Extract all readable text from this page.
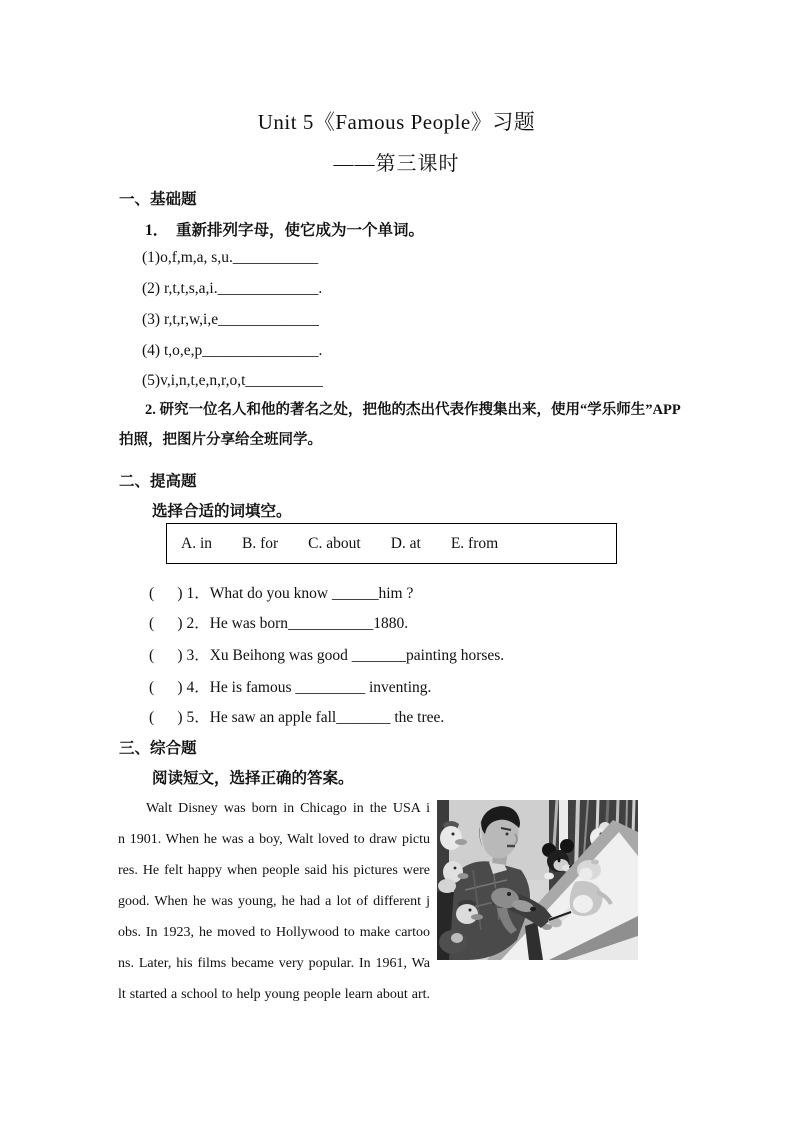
Unit 5《Famous People》习题
——第三课时
一、基础题
1．　重新排列字母，使它成为一个单词。
(1)o,f,m,a, s,u.___________
(2) r,t,t,s,a,i._____________.
(3) r,t,r,w,i,e_____________
(4) t,o,e,p_______________.
(5)v,i,n,t,e,n,r,o,t__________
2. 研究一位名人和他的著名之处，把他的杰出代表作搜集出来，使用“学乐师生”APP
拍照，把图片分享给全班同学。
二、提高题
选择合适的词填空。
A. in B. for C. about D. at E. from
(      ) 1．What do you know ______him ?
(      ) 2．He was born___________1880.
(      ) 3．Xu Beihong was good _______painting horses.
(      ) 4．He is famous _________ inventing.
(      ) 5．He saw an apple fall_______ the tree.
三、综合题
阅读短文，选择正确的答案。
Walt Disney was born in Chicago in the USA i
n 1901. When he was a boy, Walt loved to draw pictu
res. He felt happy when people said his pictures were
good. When he was young, he had a lot of different j
obs. In 1923, he moved to Hollywood to make cartoo
ns. Later, his films became very popular. In 1961, Wa
lt started a school to help young people learn about art.
